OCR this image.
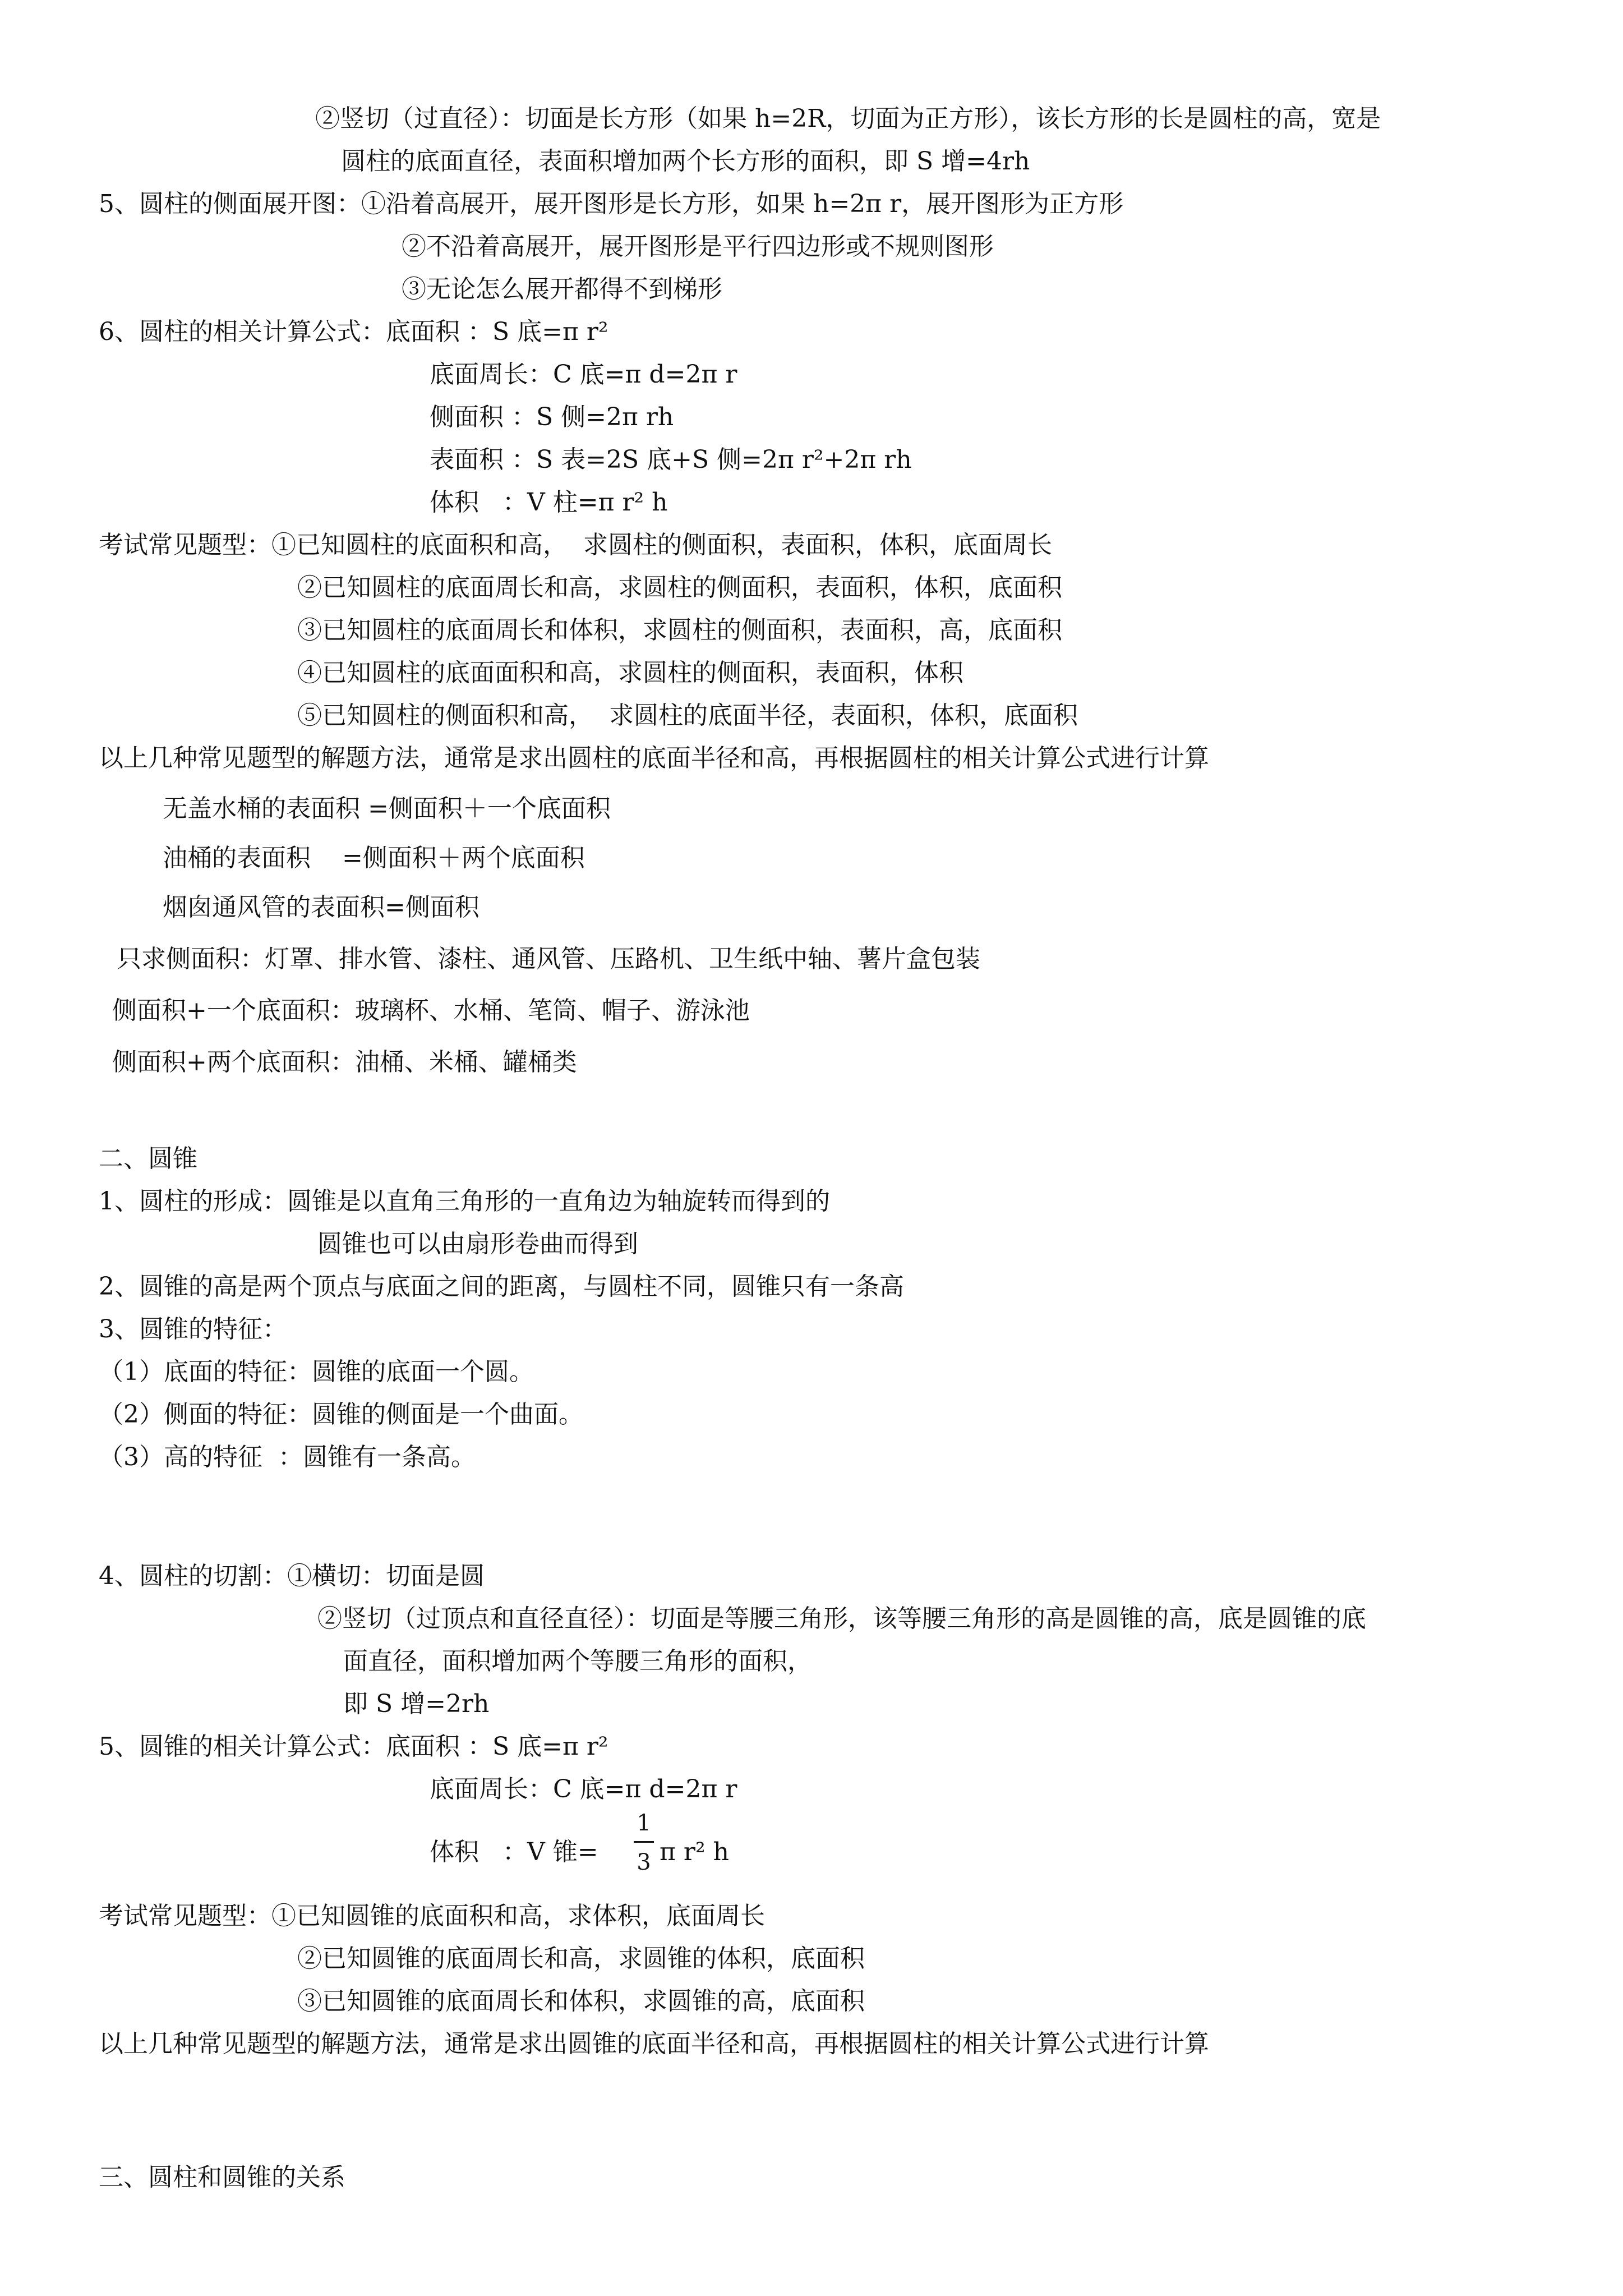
②竖切（过直径）：切面是长方形（如果 h=2R，切面为正方形），该长方形的长是圆柱的高，宽是
圆柱的底面直径，表面积增加两个长方形的面积，即 S 增=4rh
5、圆柱的侧面展开图：①沿着高展开，展开图形是长方形，如果 h=2π r，展开图形为正方形
②不沿着高展开，展开图形是平行四边形或不规则图形
③无论怎么展开都得不到梯形
6、圆柱的相关计算公式：底面积 ：S 底=π r²
底面周长：C 底=π d=2π r
侧面积 ：S 侧=2π rh
表面积 ：S 表=2S 底+S 侧=2π r²+2π rh
体积   ：V 柱=π r² h
考试常见题型：①已知圆柱的底面积和高，  求圆柱的侧面积，表面积，体积，底面周长
②已知圆柱的底面周长和高，求圆柱的侧面积，表面积，体积，底面积
③已知圆柱的底面周长和体积，求圆柱的侧面积，表面积，高，底面积
④已知圆柱的底面面积和高，求圆柱的侧面积，表面积，体积
⑤已知圆柱的侧面积和高，  求圆柱的底面半径，表面积，体积，底面积
以上几种常见题型的解题方法，通常是求出圆柱的底面半径和高，再根据圆柱的相关计算公式进行计算
无盖水桶的表面积 =侧面积＋一个底面积
油桶的表面积    =侧面积＋两个底面积
烟囱通风管的表面积=侧面积
只求侧面积：灯罩、排水管、漆柱、通风管、压路机、卫生纸中轴、薯片盒包装
侧面积+一个底面积：玻璃杯、水桶、笔筒、帽子、游泳池
侧面积+两个底面积：油桶、米桶、罐桶类
二、圆锥
1、圆柱的形成：圆锥是以直角三角形的一直角边为轴旋转而得到的
圆锥也可以由扇形卷曲而得到
2、圆锥的高是两个顶点与底面之间的距离，与圆柱不同，圆锥只有一条高
3、圆锥的特征：
（1）底面的特征：圆锥的底面一个圆。
（2）侧面的特征：圆锥的侧面是一个曲面。
（3）高的特征  ：圆锥有一条高。
4、圆柱的切割：①横切：切面是圆
②竖切（过顶点和直径直径）：切面是等腰三角形，该等腰三角形的高是圆锥的高，底是圆锥的底
面直径，面积增加两个等腰三角形的面积，
即 S 增=2rh
5、圆锥的相关计算公式：底面积 ：S 底=π r²
底面周长：C 底=π d=2π r
体积   ：V 锥=
1
3 π r² h
考试常见题型：①已知圆锥的底面积和高，求体积，底面周长
②已知圆锥的底面周长和高，求圆锥的体积，底面积
③已知圆锥的底面周长和体积，求圆锥的高，底面积
以上几种常见题型的解题方法，通常是求出圆锥的底面半径和高，再根据圆柱的相关计算公式进行计算
三、圆柱和圆锥的关系
